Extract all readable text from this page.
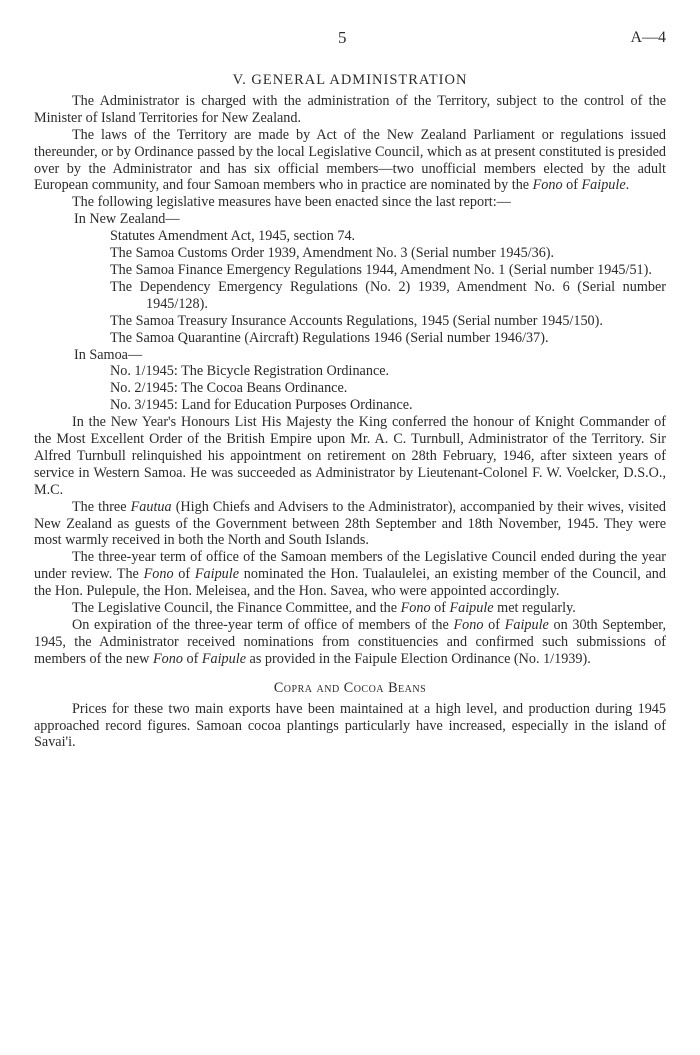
5	A—4
V. GENERAL ADMINISTRATION

The Administrator is charged with the administration of the Territory, subject to the control of the Minister of Island Territories for New Zealand.

The laws of the Territory are made by Act of the New Zealand Parliament or regulations issued thereunder, or by Ordinance passed by the local Legislative Council, which as at present constituted is presided over by the Administrator and has six official members—two unofficial members elected by the adult European community, and four Samoan members who in practice are nominated by the Fono of Faipule.

The following legislative measures have been enacted since the last report:—

In New Zealand—

Statutes Amendment Act, 1945, section 74.

The Samoa Customs Order 1939, Amendment No. 3 (Serial number 1945/36).

The Samoa Finance Emergency Regulations 1944, Amendment No. 1 (Serial number 1945/51).

The Dependency Emergency Regulations (No. 2) 1939, Amendment No. 6 (Serial number 1945/128).

The Samoa Treasury Insurance Accounts Regulations, 1945 (Serial number 1945/150).

The Samoa Quarantine (Aircraft) Regulations 1946 (Serial number 1946/37).

In Samoa—

No. 1/1945: The Bicycle Registration Ordinance.

No. 2/1945: The Cocoa Beans Ordinance.

No. 3/1945: Land for Education Purposes Ordinance.

In the New Year's Honours List His Majesty the King conferred the honour of Knight Commander of the Most Excellent Order of the British Empire upon Mr. A. C. Turnbull, Administrator of the Territory. Sir Alfred Turnbull relinquished his appointment on retirement on 28th February, 1946, after sixteen years of service in Western Samoa. He was succeeded as Administrator by Lieutenant-Colonel F. W. Voelcker, D.S.O., M.C.

The three Fautua (High Chiefs and Advisers to the Administrator), accompanied by their wives, visited New Zealand as guests of the Government between 28th September and 18th November, 1945. They were most warmly received in both the North and South Islands.

The three-year term of office of the Samoan members of the Legislative Council ended during the year under review. The Fono of Faipule nominated the Hon. Tualaulelei, an existing member of the Council, and the Hon. Pulepule, the Hon. Meleisea, and the Hon. Savea, who were appointed accordingly.

The Legislative Council, the Finance Committee, and the Fono of Faipule met regularly.

On expiration of the three-year term of office of members of the Fono of Faipule on 30th September, 1945, the Administrator received nominations from constituencies and confirmed such submissions of members of the new Fono of Faipule as provided in the Faipule Election Ordinance (No. 1/1939).

Copra and Cocoa Beans

Prices for these two main exports have been maintained at a high level, and production during 1945 approached record figures. Samoan cocoa plantings particularly have increased, especially in the island of Savai'i.
